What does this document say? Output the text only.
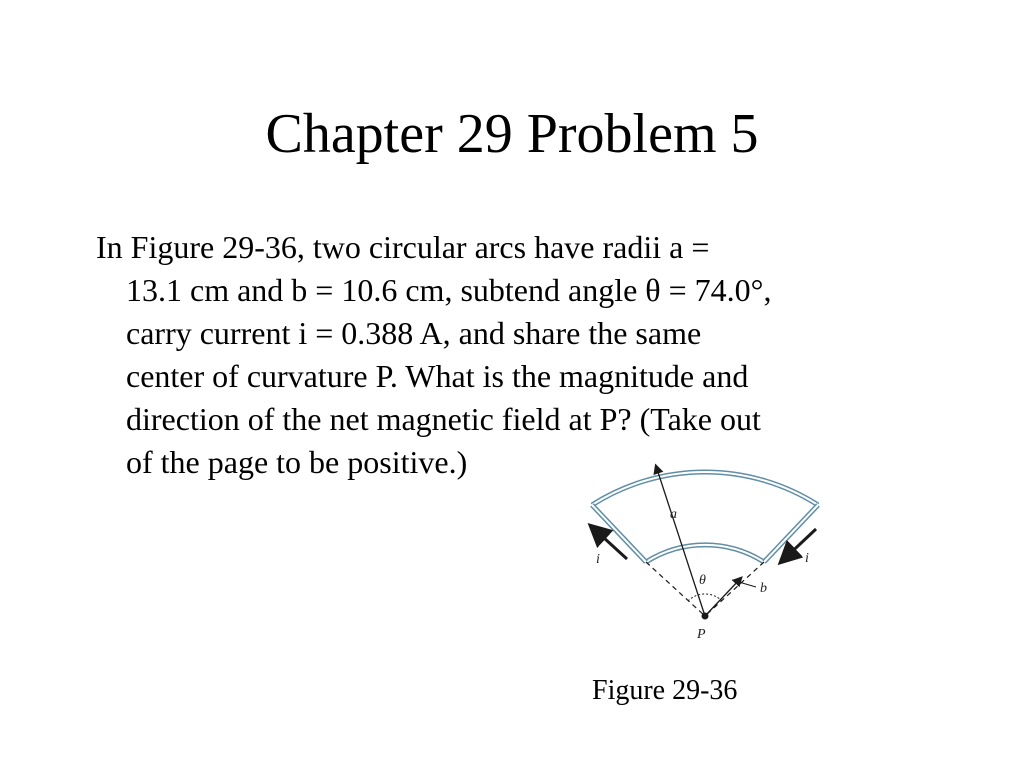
Chapter 29 Problem 5
In Figure 29-36, two circular arcs have radii a =
13.1 cm and b = 10.6 cm, subtend angle θ = 74.0°,
carry current i = 0.388 A, and share the same
center of curvature P. What is the magnitude and
direction of the net magnetic field at P? (Take out
of the page to be positive.)
a
b
θ
P
i	i

Figure 29-36
